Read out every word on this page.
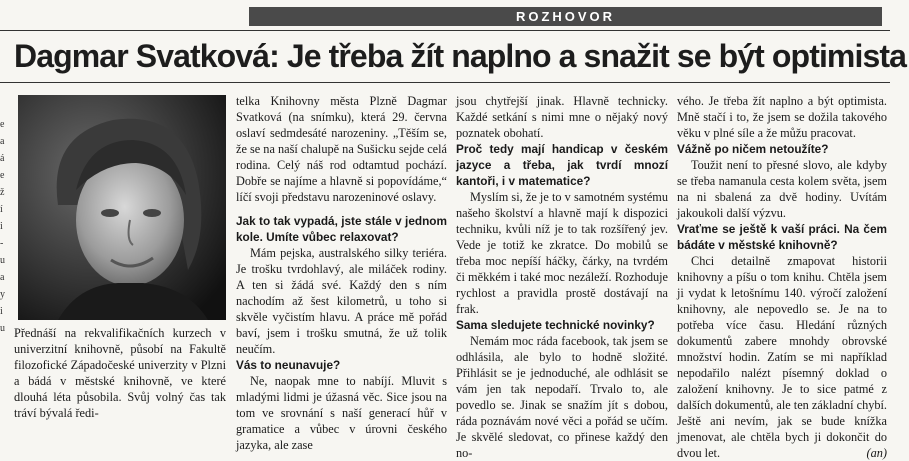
ROZHOVOR
Dagmar Svatková: Je třeba žít naplno a snažit se být optimista
e
a
á
e
ž
í
i
-
u
a
y
i
u Přednáší na rekvalifikačních kurzech v univerzitní knihovně, působí na Fakultě filozofické Západočeské univerzity v Plzni a bádá v městské knihovně, ve které dlouhá léta působila. Svůj volný čas tak tráví bývalá ředi-

telka Knihovny města Plzně Dagmar Svatková (na snímku), která 29. června oslaví sedmdesáté narozeniny. „Těším se, že se na naší chalupě na Sušicku sejde celá rodina. Celý náš rod odtamtud pochází. Dobře se najíme a hlavně si popovídáme,“ líčí svoji představu narozeninové oslavy.

Jak to tak vypadá, jste stále v jednom kole. Umíte vůbec relaxovat?

Mám pejska, australského silky teriéra. Je trošku tvrdohlavý, ale miláček rodiny. A ten si žádá své. Každý den s ním nachodím až šest kilometrů, u toho si skvěle vyčistím hlavu. A práce mě pořád baví, jsem i trošku smutná, že už tolik neučím.

Vás to neunavuje?

Ne, naopak mne to nabíjí. Mluvit s mladými lidmi je úžasná věc. Sice jsou na tom ve srovnání s naší generací hůř v gramatice a vůbec v úrovni českého jazyka, ale zase

jsou chytřejší jinak. Hlavně technicky. Každé setkání s nimi mne o nějaký nový poznatek obohatí.

Proč tedy mají handicap v českém jazyce a třeba, jak tvrdí mnozí kantoři, i v matematice?

Myslím si, že je to v samotném systému našeho školství a hlavně mají k dispozici techniku, kvůli níž je to tak rozšířený jev. Vede je totiž ke zkratce. Do mobilů se třeba moc nepíší háčky, čárky, na tvrdém či měkkém i také moc nezáleží. Rozhoduje rychlost a pravidla prostě dostávají na frak.

Sama sledujete technické novinky?

Nemám moc ráda facebook, tak jsem se odhlásila, ale bylo to hodně složité. Přihlásit se je jednoduché, ale odhlásit se vám jen tak nepodaří. Trvalo to, ale povedlo se. Jinak se snažím jít s dobou, ráda poznávám nové věci a pořád se učím. Je skvělé sledovat, co přinese každý den no-

vého. Je třeba žít naplno a být optimista. Mně stačí i to, že jsem se dožila takového věku v plné síle a že můžu pracovat.

Vážně po ničem netoužíte?

Toužit není to přesné slovo, ale kdyby se třeba namanula cesta kolem světa, jsem na ni sbalená za dvě hodiny. Uvítám jakoukoli další výzvu.

Vraťme se ještě k vaší práci. Na čem bádáte v městské knihovně?

Chci detailně zmapovat historii knihovny a píšu o tom knihu. Chtěla jsem ji vydat k letošnímu 140. výročí založení knihovny, ale nepovedlo se. Je na to potřeba více času. Hledání různých dokumentů zabere mnohdy obrovské množství hodin. Zatím se mi například nepodařilo nalézt písemný doklad o založení knihovny. Je to sice patmé z dalších dokumentů, ale ten základní chybí. Ještě ani nevím, jak se bude knížka jmenovat, ale chtěla bych ji dokončit do dvou let.	(an)
